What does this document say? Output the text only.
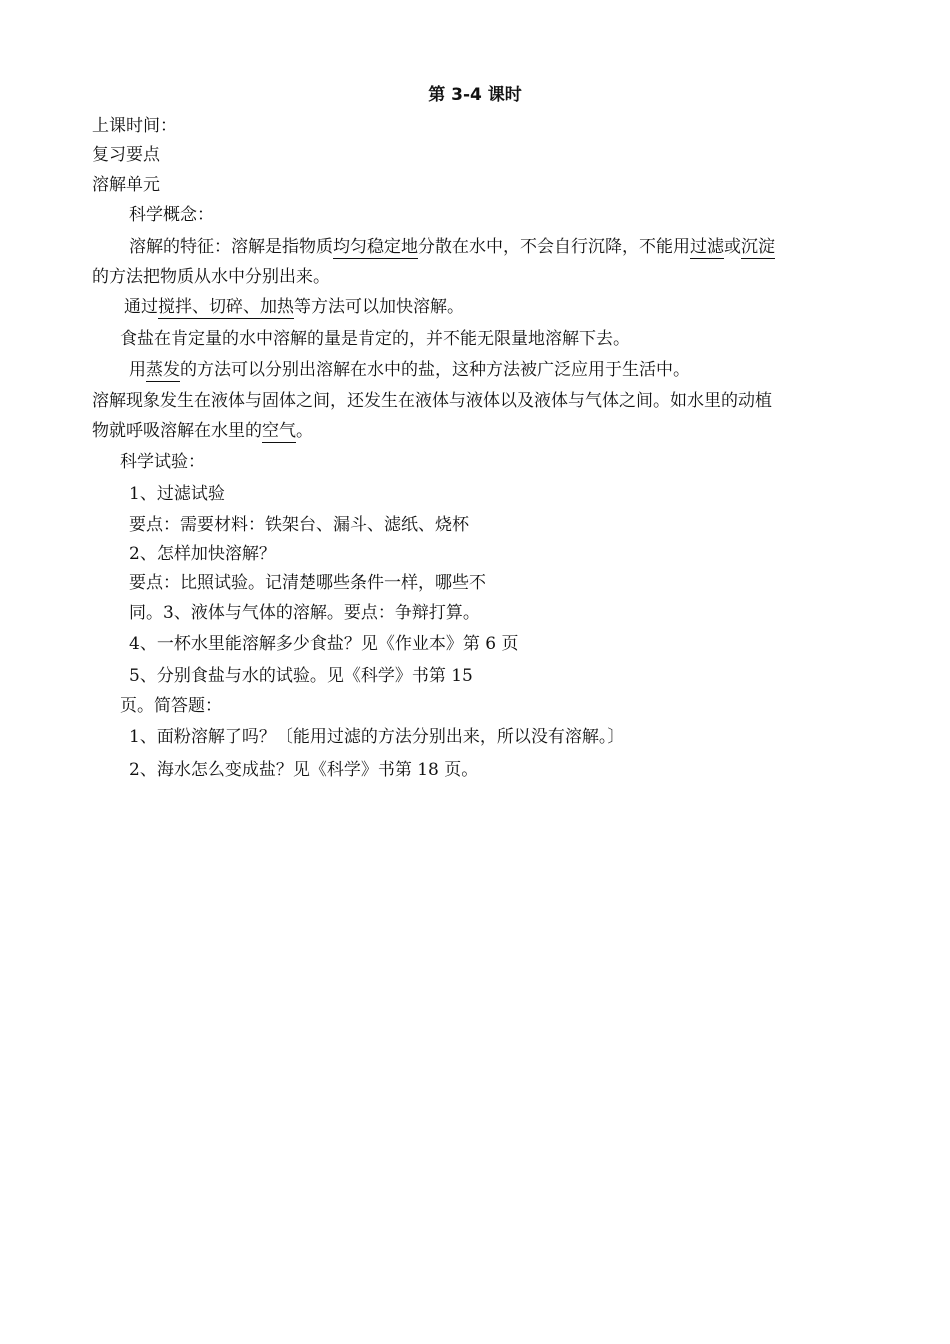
第 3-4 课时
上课时间：
复习要点
溶解单元
科学概念：
溶解的特征：溶解是指物质均匀稳定地分散在水中，不会自行沉降，不能用过滤或沉淀
的方法把物质从水中分别出来。
通过搅拌、切碎、加热等方法可以加快溶解。
食盐在肯定量的水中溶解的量是肯定的，并不能无限量地溶解下去。
用蒸发的方法可以分别出溶解在水中的盐，这种方法被广泛应用于生活中。
溶解现象发生在液体与固体之间，还发生在液体与液体以及液体与气体之间。如水里的动植
物就呼吸溶解在水里的空气。
科学试验：
1、过滤试验
要点：需要材料：铁架台、漏斗、滤纸、烧杯
2、怎样加快溶解？
要点：比照试验。记清楚哪些条件一样，哪些不
同。3、液体与气体的溶解。要点：争辩打算。
4、一杯水里能溶解多少食盐？见《作业本》第 6 页
5、分别食盐与水的试验。见《科学》书第 15
页。简答题：
1、面粉溶解了吗？〔能用过滤的方法分别出来，所以没有溶解。〕
2、海水怎么变成盐？见《科学》书第 18 页。
